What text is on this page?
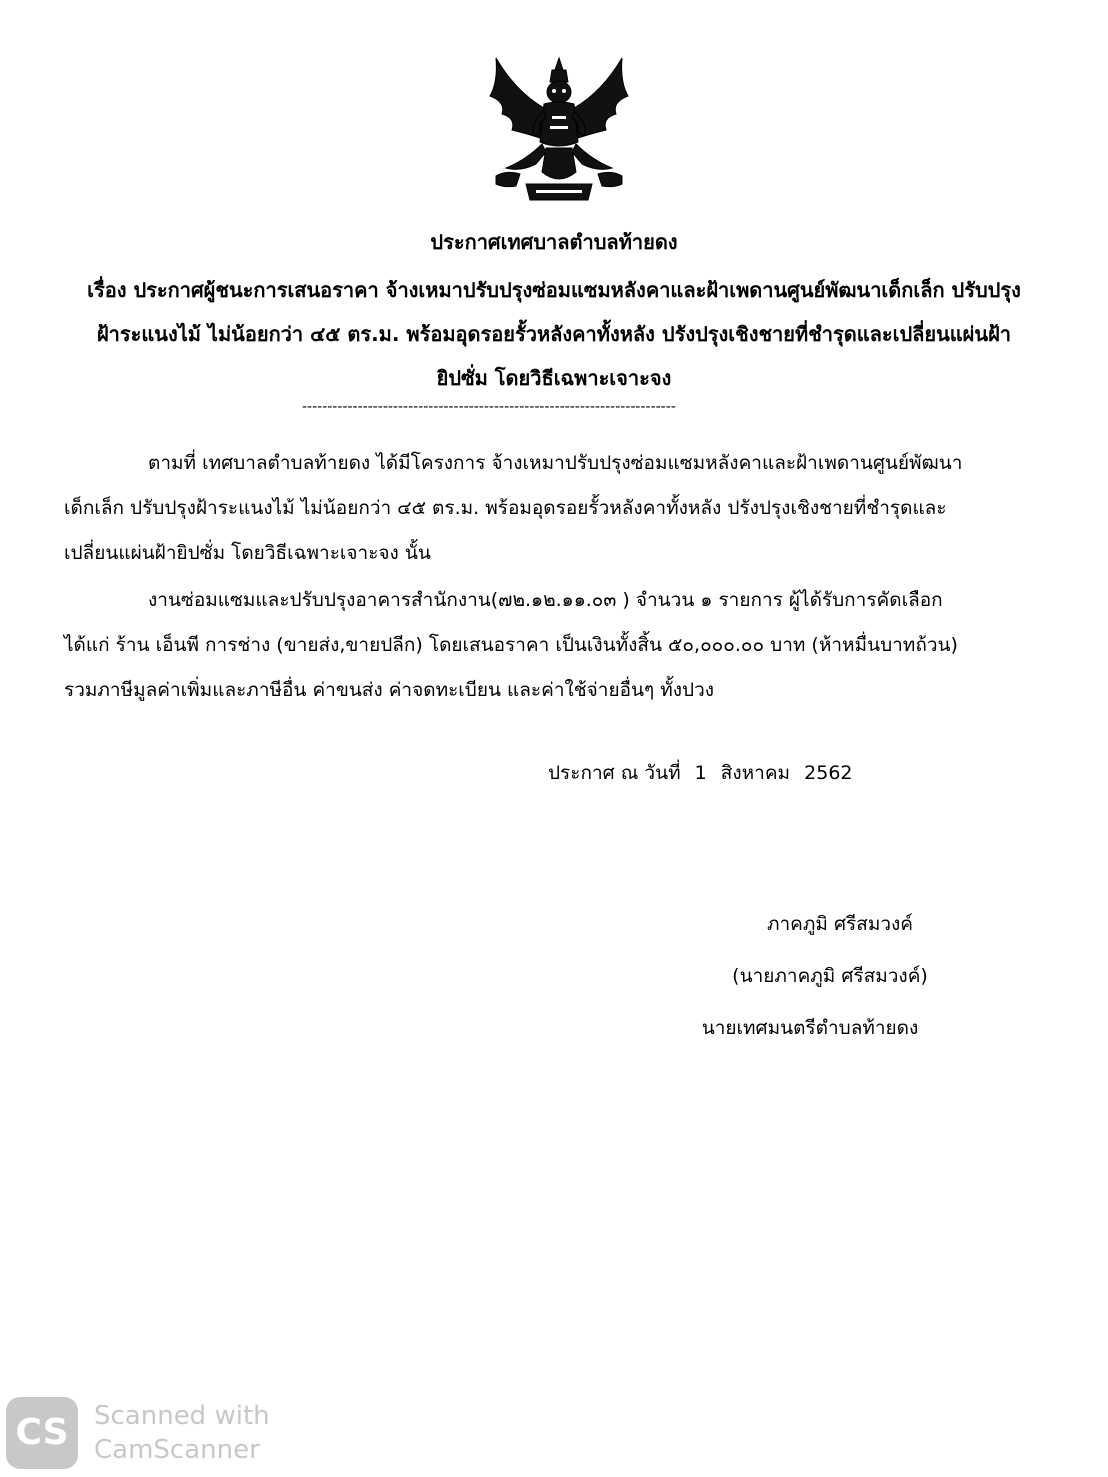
ประกาศเทศบาลตำบลท้ายดง
เรื่อง ประกาศผู้ชนะการเสนอราคา จ้างเหมาปรับปรุงซ่อมแซมหลังคาและฝ้าเพดานศูนย์พัฒนาเด็กเล็ก ปรับปรุง
ฝ้าระแนงไม้ ไม่น้อยกว่า ๔๕ ตร.ม. พร้อมอุดรอยรั้วหลังคาทั้งหลัง ปรังปรุงเชิงชายที่ชำรุดและเปลี่ยนแผ่นฝ้า
ยิปซั่ม โดยวิธีเฉพาะเจาะจง
--------------------------------------------------------------------------
ตามที่ เทศบาลตำบลท้ายดง ได้มีโครงการ จ้างเหมาปรับปรุงซ่อมแซมหลังคาและฝ้าเพดานศูนย์พัฒนา
เด็กเล็ก ปรับปรุงฝ้าระแนงไม้ ไม่น้อยกว่า ๔๕ ตร.ม. พร้อมอุดรอยรั้วหลังคาทั้งหลัง ปรังปรุงเชิงชายที่ชำรุดและ
เปลี่ยนแผ่นฝ้ายิปซั่ม โดยวิธีเฉพาะเจาะจง นั้น
งานซ่อมแซมและปรับปรุงอาคารสำนักงาน(๗๒.๑๒.๑๑.๐๓ ) จำนวน ๑ รายการ ผู้ได้รับการคัดเลือก
ได้แก่ ร้าน เอ็นพี การช่าง (ขายส่ง,ขายปลีก) โดยเสนอราคา เป็นเงินทั้งสิ้น ๕๐,๐๐๐.๐๐ บาท (ห้าหมื่นบาทถ้วน)
รวมภาษีมูลค่าเพิ่มและภาษีอื่น ค่าขนส่ง ค่าจดทะเบียน และค่าใช้จ่ายอื่นๆ ทั้งปวง
ประกาศ ณ วันที่ 1 สิงหาคม 2562
ภาคภูมิ ศรีสมวงค์
(นายภาคภูมิ ศรีสมวงค์)
นายเทศมนตรีตำบลท้ายดง
CS Scanned with
CamScanner
